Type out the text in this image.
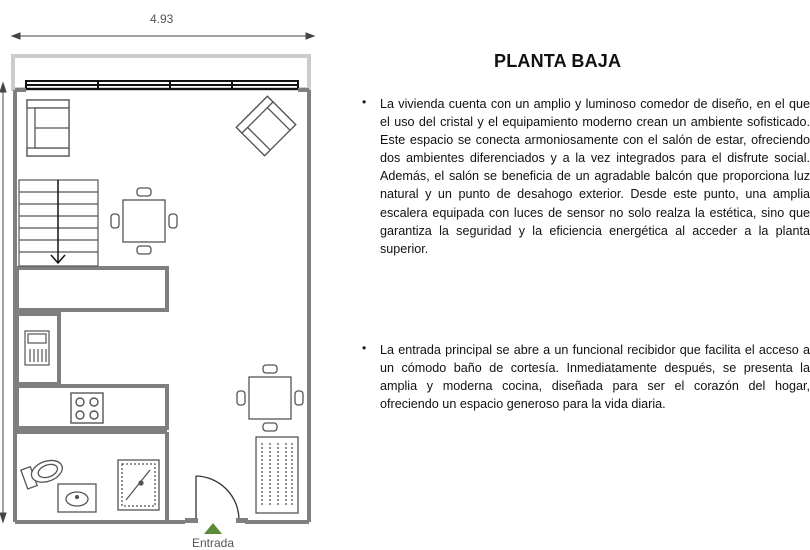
4.93
Entrada
PLANTA BAJA
• La vivienda cuenta con un amplio y luminoso comedor de diseño, en el que el uso del cristal y el equipamiento moderno crean un ambiente sofisticado. Este espacio se conecta armoniosamente con el salón de estar, ofreciendo dos ambientes diferenciados y a la vez integrados para el disfrute social. Además, el salón se beneficia de un agradable balcón que proporciona luz natural y un punto de desahogo exterior. Desde este punto, una amplia escalera equipada con luces de sensor no solo realza la estética, sino que garantiza la seguridad y la eficiencia energética al acceder a la planta superior.

• La entrada principal se abre a un funcional recibidor que facilita el acceso a un cómodo baño de cortesía. Inmediatamente después, se presenta la amplia y moderna cocina, diseñada para ser el corazón del hogar, ofreciendo un espacio generoso para la vida diaria.
